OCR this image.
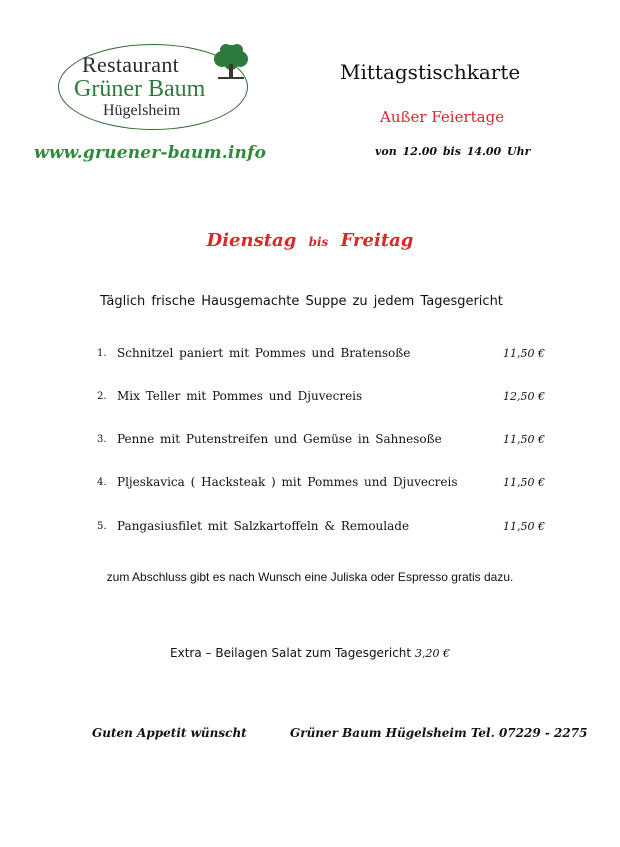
Restaurant
Grüner Baum
Hügelsheim
www.gruener-baum.info
Mittagstischkarte
Außer Feiertage
von 12.00 bis 14.00 Uhr
Dienstag bis Freitag
Täglich frische Hausgemachte Suppe zu jedem Tagesgericht
1. Schnitzel paniert mit Pommes und Bratensoße	11,50 €
2. Mix Teller mit Pommes und Djuvecreis	12,50 €
3. Penne mit Putenstreifen und Gemüse in Sahnesoße	11,50 €
4. Pljeskavica ( Hacksteak ) mit Pommes und Djuvecreis	11,50 €
5. Pangasiusfilet mit Salzkartoffeln & Remoulade	11,50 €
zum Abschluss gibt es nach Wunsch eine Juliska oder Espresso gratis dazu.
Extra – Beilagen Salat zum Tagesgericht 3,20 €
Guten Appetit wünscht	Grüner Baum Hügelsheim Tel. 07229 - 2275
